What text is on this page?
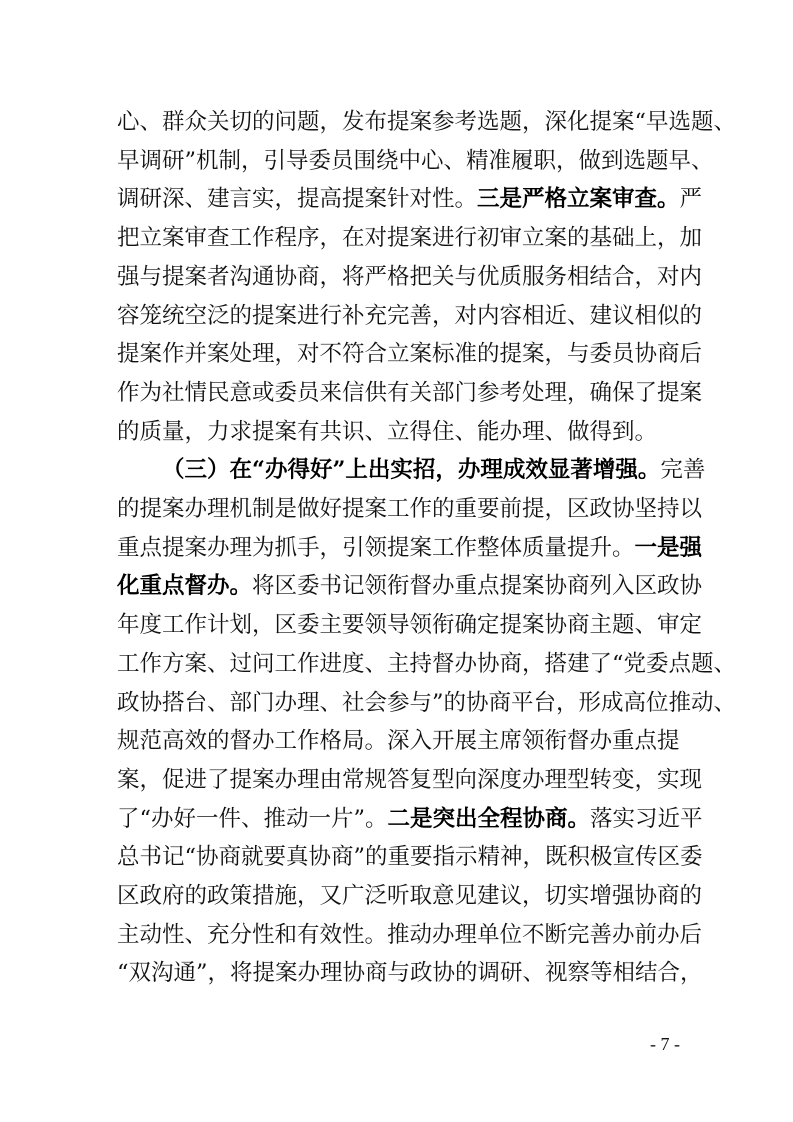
心、群众关切的问题，发布提案参考选题，深化提案“早选题、
早调研”机制，引导委员围绕中心、精准履职，做到选题早、
调研深、建言实，提高提案针对性。三是严格立案审查。严
把立案审查工作程序，在对提案进行初审立案的基础上，加
强与提案者沟通协商，将严格把关与优质服务相结合，对内
容笼统空泛的提案进行补充完善，对内容相近、建议相似的
提案作并案处理，对不符合立案标准的提案，与委员协商后
作为社情民意或委员来信供有关部门参考处理，确保了提案
的质量，力求提案有共识、立得住、能办理、做得到。
（三）在“办得好”上出实招，办理成效显著增强。完善
的提案办理机制是做好提案工作的重要前提，区政协坚持以
重点提案办理为抓手，引领提案工作整体质量提升。一是强
化重点督办。将区委书记领衔督办重点提案协商列入区政协
年度工作计划，区委主要领导领衔确定提案协商主题、审定
工作方案、过问工作进度、主持督办协商，搭建了“党委点题、
政协搭台、部门办理、社会参与”的协商平台，形成高位推动、
规范高效的督办工作格局。深入开展主席领衔督办重点提
案，促进了提案办理由常规答复型向深度办理型转变，实现
了“办好一件、推动一片”。二是突出全程协商。落实习近平
总书记“协商就要真协商”的重要指示精神，既积极宣传区委
区政府的政策措施，又广泛听取意见建议，切实增强协商的
主动性、充分性和有效性。推动办理单位不断完善办前办后
“双沟通”，将提案办理协商与政协的调研、视察等相结合，
- 7 -
